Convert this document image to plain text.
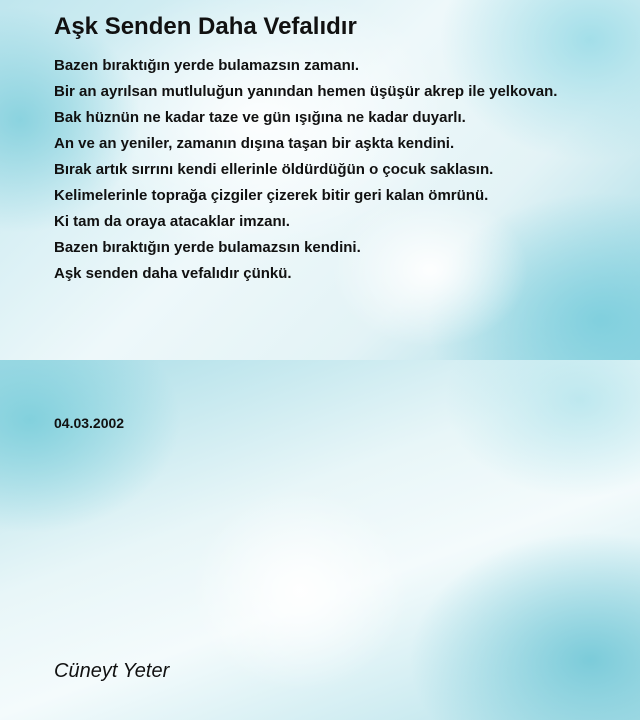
Aşk Senden Daha Vefalıdır
Bazen bıraktığın yerde bulamazsın zamanı.
Bir an ayrılsan mutluluğun yanından hemen üşüşür akrep ile yelkovan.
Bak hüznün ne kadar taze ve gün ışığına ne kadar duyarlı.
An ve an yeniler, zamanın dışına taşan bir aşkta kendini.
Bırak artık sırrını kendi ellerinle öldürdüğün o çocuk saklasın.
Kelimelerinle toprağa çizgiler çizerek bitir geri kalan ömrünü.
Ki tam da oraya atacaklar imzanı.
Bazen bıraktığın yerde bulamazsın kendini.
Aşk senden daha vefalıdır çünkü.
04.03.2002
Cüneyt Yeter
